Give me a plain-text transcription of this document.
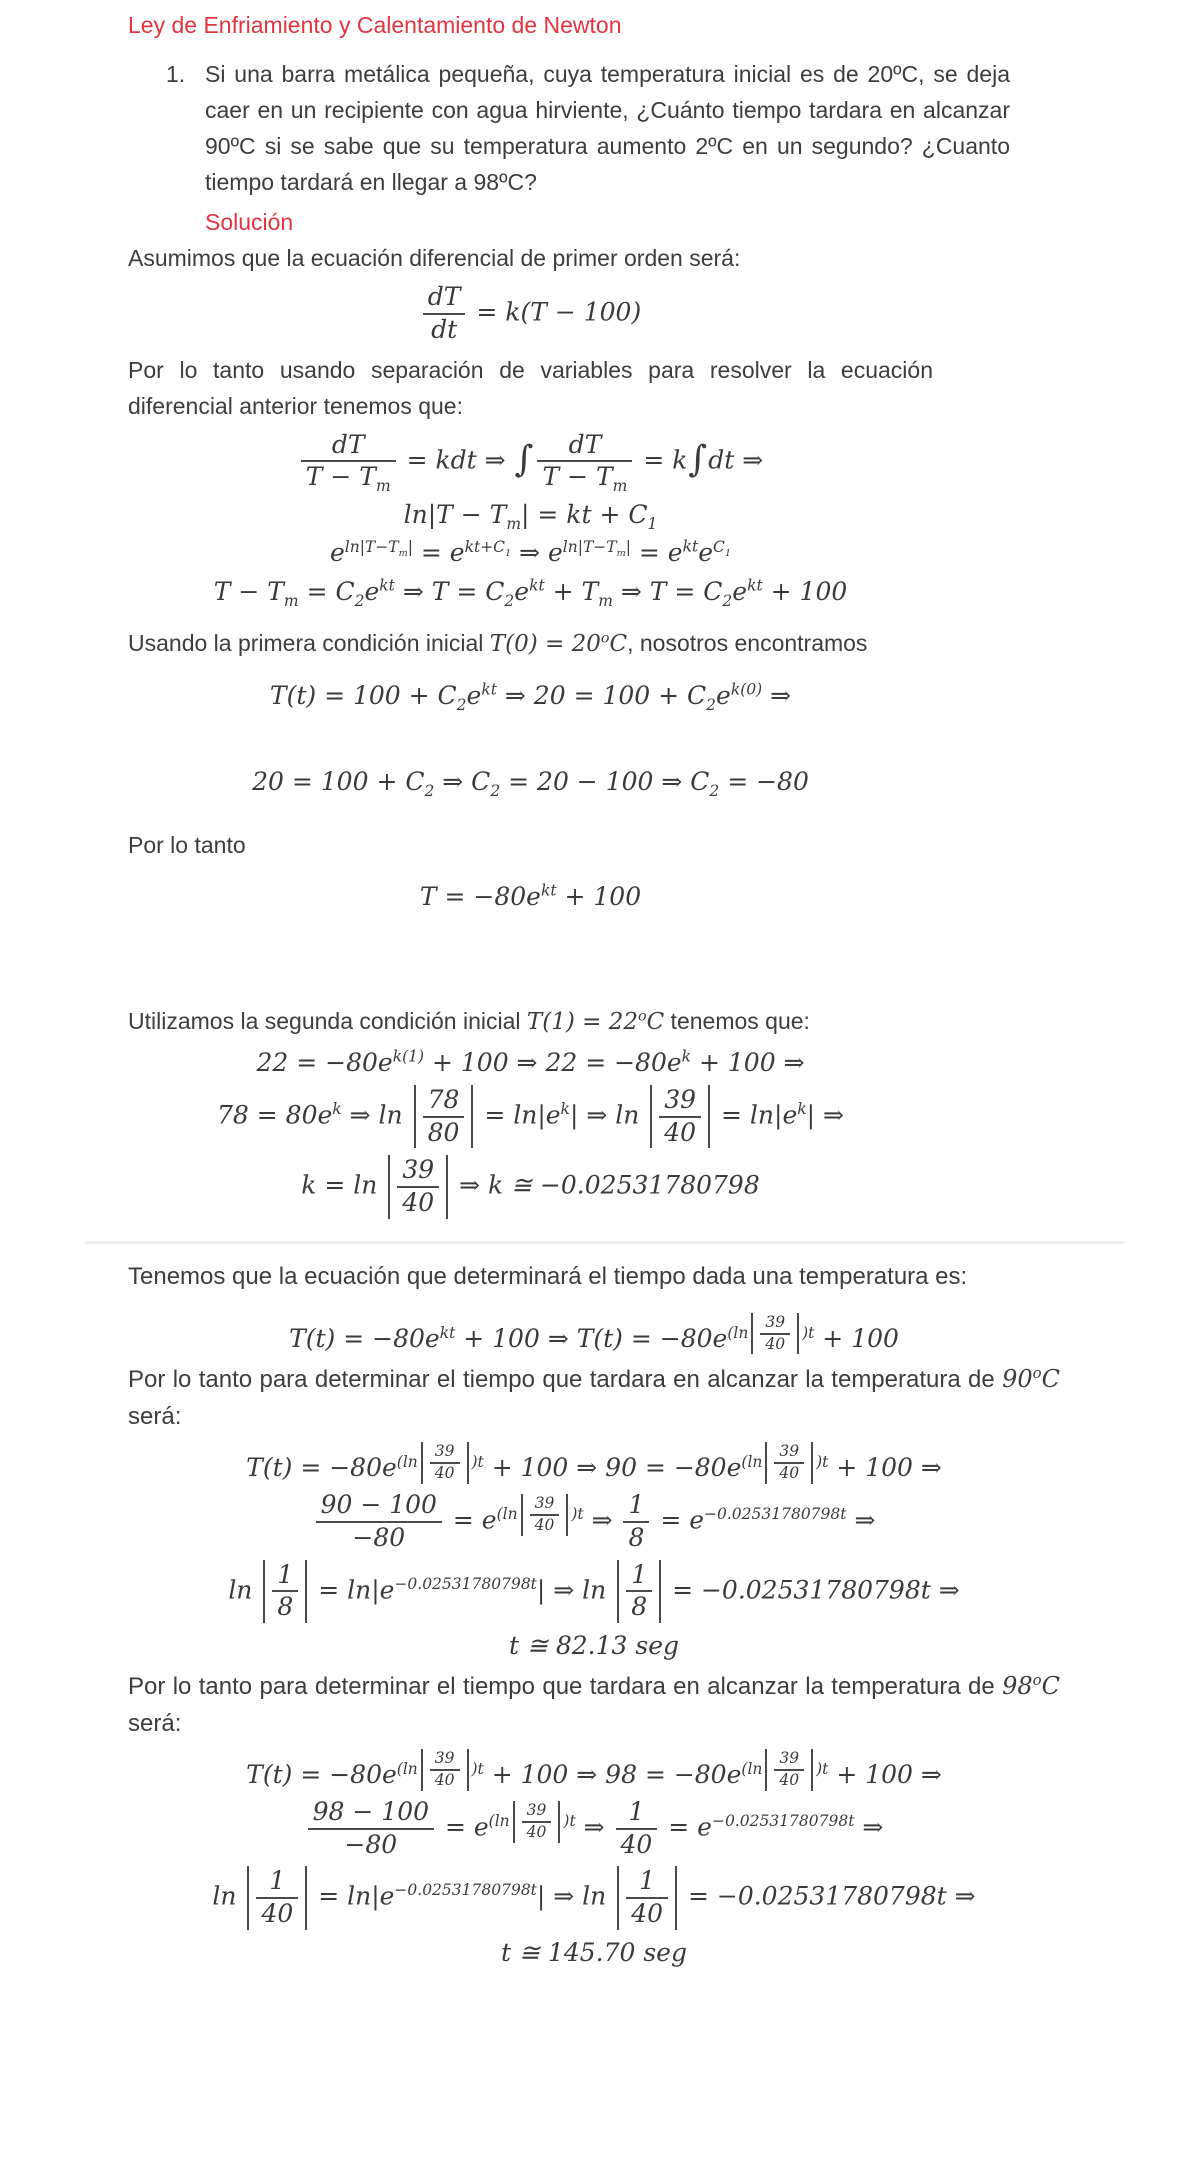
Ley de Enfriamiento y Calentamiento de Newton
1. Si una barra metálica pequeña, cuya temperatura inicial es de 20ºC, se deja caer en un recipiente con agua hirviente, ¿Cuánto tiempo tardara en alcanzar 90ºC si se sabe que su temperatura aumento 2ºC en un segundo? ¿Cuanto tiempo tardará en llegar a 98ºC?

Solución

Asumimos que la ecuación diferencial de primer orden será:

$\frac{dT}{dt} = k(T - 100)$

Por lo tanto usando separación de variables para resolver la ecuación diferencial anterior tenemos que:

$\frac{dT}{T - T_m}$ = kdt ⇒ ∫ $\frac{dT}{T - T_m} = k\int dt$ ⇒
$\ln|T - T_m|$ = kt + $C_1$
$e^{ln|T-T_m|} = e^{kt+C_1}$ ⇒ $e^{ln|T-T_m|} = e^{kt}e^{C_1}$
$T - T_m = C_2e^{kt}$ ⇒ $T = C_2e^{kt} + T_m$ ⇒ $T = C_2e^{kt} + 100$

Usando la primera condición inicial $T(0) = 20^oC$, nosotros encontramos

$T(t) = 100 + C_2e^{kt}$ ⇒ $20 = 100 + C_2e^{k(0)}$ ⇒
$20 = 100 + C_2$ ⇒ $C_2 = 20 - 100$ ⇒ $C_2 = -80$

Por lo tanto

$T = -80e^{kt} + 100$

Utilizamos la segunda condición inicial $T(1) = 22^oC$ tenemos que:

$22 = -80e^{k(1)} + 100$ ⇒ $22 = -80e^k + 100$ ⇒
$78 = 80e^k$ ⇒ $\ln \frac{78}{80} = \ln|e^k|$ ⇒ $\ln \frac{39}{40} = \ln|e^k|$ ⇒
$k = \ln \frac{39}{40}$ ⇒ k ≅ −0.02531780798

Tenemos que la ecuación que determinará el tiempo dada una temperatura es:

$T(t) = -80e^{kt} + 100$ ⇒ $T(t) = -80e^{(ln \frac{39}{40} )t} + 100$

Por lo tanto para determinar el tiempo que tardara en alcanzar la temperatura de 90$^o$C será:

$T(t) = -80e^{(ln \frac{39}{40} )t} + 100$ ⇒ $90 = -80e^{(ln \frac{39}{40} )t} + 100$ ⇒
$\frac{90 - 100}{-80} = e^{(ln \frac{39}{40} )t}$ ⇒ $\frac{1}{8} = e^{-0.02531780798t}$ ⇒
$\ln \frac{1}{8} = \ln|e^{-0.02531780798t}|$ ⇒ $\ln \frac{1}{8} = -0.02531780798t$ ⇒
t ≅ 82.13 seg

Por lo tanto para determinar el tiempo que tardara en alcanzar la temperatura de 98$^o$C será:

$T(t) = -80e^{(ln \frac{39}{40} )t} + 100$ ⇒ $98 = -80e^{(ln \frac{39}{40} )t} + 100$ ⇒
$\frac{98 - 100}{-80} = e^{(ln \frac{39}{40} )t}$ ⇒ $\frac{1}{40} = e^{-0.02531780798t}$ ⇒
$\ln \frac{1}{40} = \ln|e^{-0.02531780798t}|$ ⇒ $\ln \frac{1}{40} = -0.02531780798t$ ⇒
t ≅ 145.70 seg
